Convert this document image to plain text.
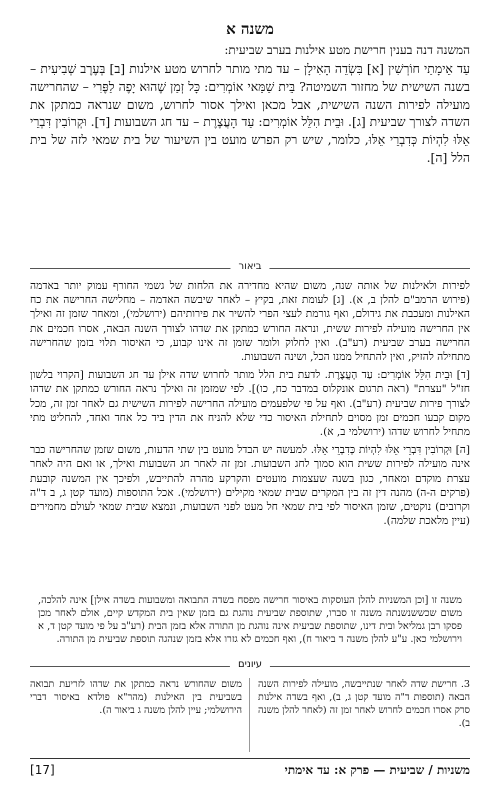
משנה א
המשנה דנה בענין חרישת מטע אילנות בערב שביעית:
עַד אֵימָתַי חוֹרְשִׁין [א] בִּשְׂדֵה הָאִילָן – עד מתי מותר לחרוש מטע אילנות [ב] בְּעֶרֶב שְׁבִיעִית – בשנה השישית של מחזור השמיטה? בֵּית שַׁמַּאי אוֹמְרִים: כָּל זְמַן שֶׁהוּא יָפֶה לַפֶּרִי – שהחרישה מועילה לפירות השנה השישית, אבל מכאן ואילך אסור לחרוש, משום שנראה כמתקן את השדה לצורך שביעית [ג]. וּבֵית הִלֵּל אוֹמְרִים: עַד הָעֲצֶרֶת – עד חג השבועות [ד]. וּקְרוֹבִין דִּבְרֵי אֵלּוּ לִהְיוֹת כְּדִבְרֵי אֵלּוּ, כלומר, שיש רק הפרש מועט בין השיעור של בית שמאי לזה של בית הלל [ה].
ביאור

לפירות ולאילנות של אותה שנה, משום שהיא מחדירה את הלחות של גשמי החורף עמוק יותר באדמה (פירוש הרמב"ם להלן ב, א). [ג] לעומת זאת, בקיץ – לאחר שיבשה האדמה – מחלישה החרישה את כח האילנות ומעכבת את גידולם, ואף גורמת לעצי הפרי להשיר את פירותיהם (ירושלמי), ומאחר שזמן זה ואילך אין החרישה מועילה לפירות ששית, ונראה החורש כמתקן את שדהו לצורך השנה הבאה, אסרו חכמים את החרישה בערב שביעית (רע"ב). ואין לחלוק ולומר שזמן זה אינו קבוע, כי האיסור תלוי בזמן שהחרישה מתחילה להזיק, ואין להתחיל ממנו הכל, ושינה השבועות.

[ד] וּבֵית הִלֵּל אוֹמְרִים: עַד הָעֲצֶרֶת. לדעת בית הלל מותר לחרוש שדה אילן עד חג השבועות [הקרוי בלשון חז"ל "עצרת" (ראה תרגום אונקלוס במדבר כח, כו)]. לפי שמזמן זה ואילך נראה החורש כמתקן את שדהו לצורך פירות שביעית (רע"ב). ואף על פי שלפעמים מועילה החרישה לפירות השישית גם לאחר זמן זה, מכל מקום קבעו חכמים זמן מסוים לתחילת האיסור כדי שלא להניח את הדין ביד כל אחד ואחד, להחליט מתי מתחיל לחרוש שדהו (ירושלמי ב, א).

[ה] וּקְרוֹבִין דִּבְרֵי אֵלּוּ לִהְיוֹת כְּדִבְרֵי אֵלּוּ. למעשה יש הבדל מועט בין שתי הדעות, משום שזמן שהחרישה כבר אינה מועילה לפירות ששית הוא סמוך לחג השבועות. זמן זה לאחר חג השבועות ואילך, או ואם היה לאחר עצרת מוקדם ומאחר, כגון בשנה שעצמות מועטים והקרקע מהרה להתייבש, ולפיכך אין המשנה קובעת (פרקים ה-ה) מהנה דין זה בין המקרים שבית שמאי מקילים (ירושלמי). אכל התוספות (מועד קטן ג, ב ד"ה וקרובים) נוקטים, שזמן האיסור לפי בית שמאי חל מעט לפני השבועות, ונמצא שבית שמאי לעולם מחמירים (עיין מלאכת שלמה).

משנה זו [וכן המשניות להלן העוסקות באיסור חרישה מפסח בשדה התבואה ומשבועות בשדה אילן] אינה להלכה, משום שכששנשנתה משנה זו סברו, שתוספת שביעית נוהגת גם בזמן שאין בית המקדש קיים, אולם לאחר מכן פסקו רבן גמליאל ובית דינו, שתוספת שביעית אינה נוהגת מן התורה אלא בזמן הבית (רע"ב על פי מועד קטן ד, א וירושלמי כאן. ע"ע להלן משנה ד ביאור ח), ואף חכמים לא גזרו אלא בזמן שנהגה תוספת שביעית מן התורה.
עיונים
3. חרישת שדה לאחר שנתייבשה, מועילה לפירות השנה הבאה (תוספות ד"ה מועד קטן ג, ב), ואף בשדה אילנות סרק אסרו חכמים לחרוש לאחר זמן זה (לאחר להלן משנה ב).
משום שהחורש נראה כמתקן את שדהו לזריעת תבואה בשביעית בין האילנות (מהר"א פולדא באיסור דברי הירושלמי; עיין להלן משנה ג ביאור ה).
משניות / שביעית — פרק א: עד אימתי
[17]
